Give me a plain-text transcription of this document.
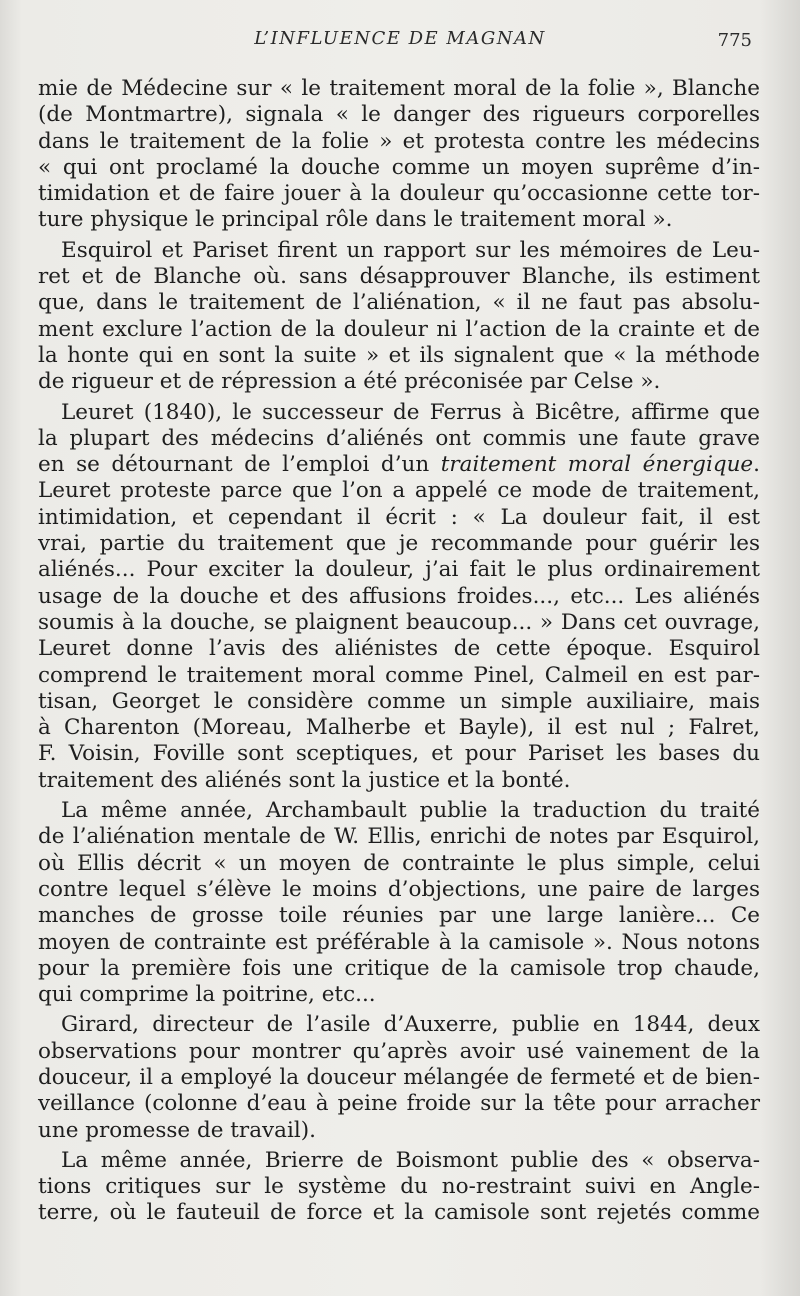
L’INFLUENCE DE MAGNAN	775
mie de Médecine sur « le traitement moral de la folie », Blanche
(de Montmartre), signala « le danger des rigueurs corporelles
dans le traitement de la folie » et protesta contre les médecins
« qui ont proclamé la douche comme un moyen suprême d’in-
timidation et de faire jouer à la douleur qu’occasionne cette tor-
ture physique le principal rôle dans le traitement moral ».
Esquirol et Pariset firent un rapport sur les mémoires de Leu-
ret et de Blanche où. sans désapprouver Blanche, ils estiment
que, dans le traitement de l’aliénation, « il ne faut pas absolu-
ment exclure l’action de la douleur ni l’action de la crainte et de
la honte qui en sont la suite » et ils signalent que « la méthode
de rigueur et de répression a été préconisée par Celse ».
Leuret (1840), le successeur de Ferrus à Bicêtre, affirme que
la plupart des médecins d’aliénés ont commis une faute grave
en se détournant de l’emploi d’un traitement moral énergique.
Leuret proteste parce que l’on a appelé ce mode de traitement,
intimidation, et cependant il écrit : « La douleur fait, il est
vrai, partie du traitement que je recommande pour guérir les
aliénés... Pour exciter la douleur, j’ai fait le plus ordinairement
usage de la douche et des affusions froides..., etc... Les aliénés
soumis à la douche, se plaignent beaucoup... » Dans cet ouvrage,
Leuret donne l’avis des aliénistes de cette époque. Esquirol
comprend le traitement moral comme Pinel, Calmeil en est par-
tisan, Georget le considère comme un simple auxiliaire, mais
à Charenton (Moreau, Malherbe et Bayle), il est nul ; Falret,
F. Voisin, Foville sont sceptiques, et pour Pariset les bases du
traitement des aliénés sont la justice et la bonté.
La même année, Archambault publie la traduction du traité
de l’aliénation mentale de W. Ellis, enrichi de notes par Esquirol,
où Ellis décrit « un moyen de contrainte le plus simple, celui
contre lequel s’élève le moins d’objections, une paire de larges
manches de grosse toile réunies par une large lanière... Ce
moyen de contrainte est préférable à la camisole ». Nous notons
pour la première fois une critique de la camisole trop chaude,
qui comprime la poitrine, etc...
Girard, directeur de l’asile d’Auxerre, publie en 1844, deux
observations pour montrer qu’après avoir usé vainement de la
douceur, il a employé la douceur mélangée de fermeté et de bien-
veillance (colonne d’eau à peine froide sur la tête pour arracher
une promesse de travail).
La même année, Brierre de Boismont publie des « observa-
tions critiques sur le système du no-restraint suivi en Angle-
terre, où le fauteuil de force et la camisole sont rejetés comme
